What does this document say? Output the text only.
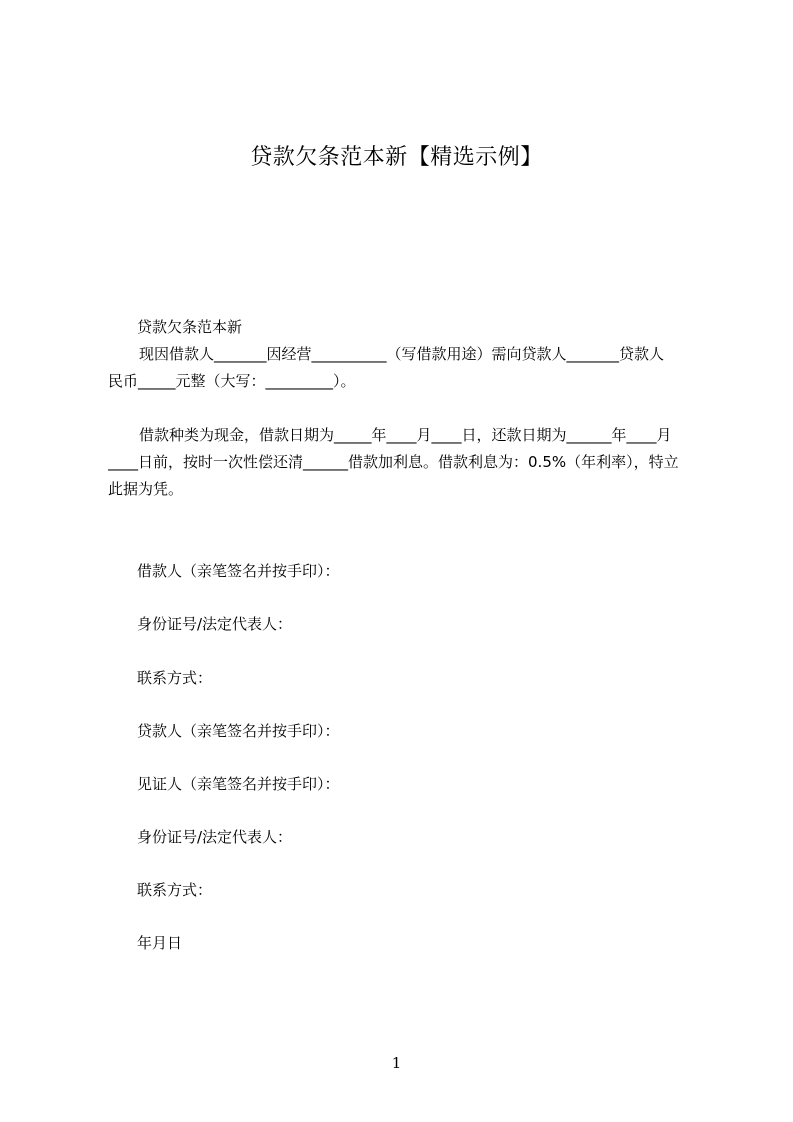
贷款欠条范本新【精选示例】

贷款欠条范本新

现因借款人_______因经营__________（写借款用途）需向贷款人_______贷款人

民币_____元整（大写：_________）。

借款种类为现金，借款日期为_____年____月____日，还款日期为______年____月

____日前，按时一次性偿还清______借款加利息。借款利息为：0.5%（年利率），特立

此据为凭。

借款人（亲笔签名并按手印）：

身份证号/法定代表人：

联系方式：

贷款人（亲笔签名并按手印）：

见证人（亲笔签名并按手印）：

身份证号/法定代表人：

联系方式：

年月日

1
